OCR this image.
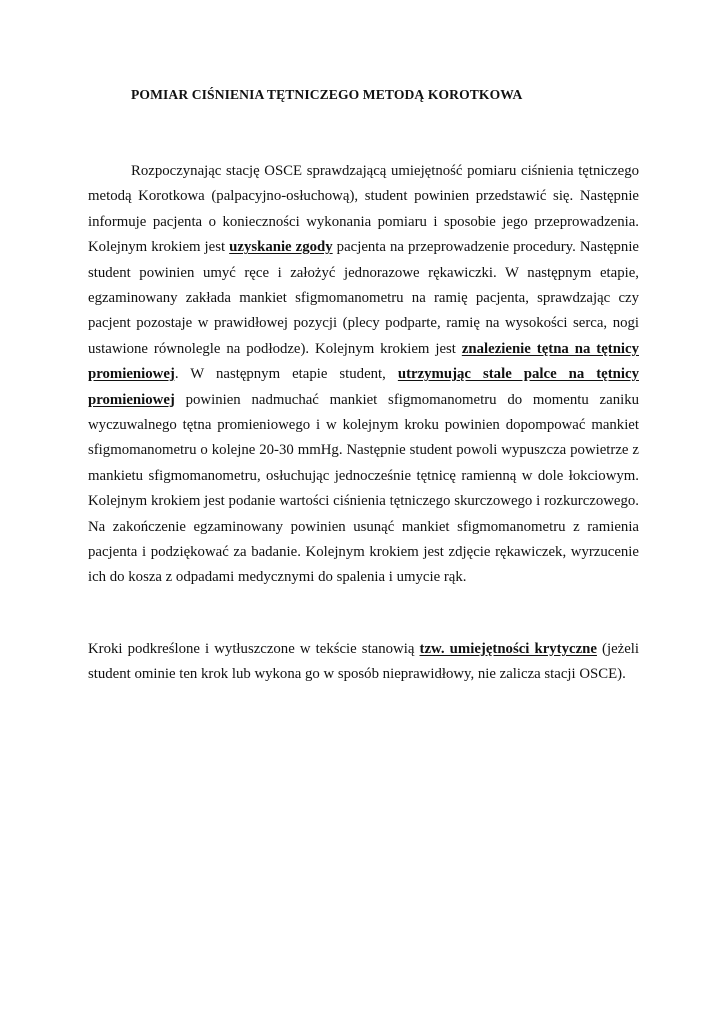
POMIAR CIŚNIENIA TĘTNICZEGO METODĄ KOROTKOWA
Rozpoczynając stację OSCE sprawdzającą umiejętność pomiaru ciśnienia tętniczego
metodą Korotkowa (palpacyjno-osłuchową), student powinien przedstawić się. Następnie
informuje pacjenta o konieczności wykonania pomiaru i sposobie jego przeprowadzenia.
Kolejnym krokiem jest uzyskanie zgody pacjenta na przeprowadzenie procedury. Następnie
student powinien umyć ręce i założyć jednorazowe rękawiczki. W następnym etapie,
egzaminowany zakłada mankiet sfigmomanometru na ramię pacjenta, sprawdzając czy
pacjent pozostaje w prawidłowej pozycji (plecy podparte, ramię na wysokości serca, nogi
ustawione równolegle na podłodze). Kolejnym krokiem jest znalezienie tętna na tętnicy
promieniowej. W następnym etapie student, utrzymując stale palce na tętnicy
promieniowej powinien nadmuchać mankiet sfigmomanometru do momentu zaniku
wyczuwalnego tętna promieniowego i w kolejnym kroku powinien dopompować mankiet
sfigmomanometru o kolejne 20-30 mmHg. Następnie student powoli wypuszcza powietrze z
mankietu sfigmomanometru, osłuchując jednocześnie tętnicę ramienną w dole łokciowym.
Kolejnym krokiem jest podanie wartości ciśnienia tętniczego skurczowego i rozkurczowego.
Na zakończenie egzaminowany powinien usunąć mankiet sfigmomanometru z ramienia
pacjenta i podziękować za badanie. Kolejnym krokiem jest zdjęcie rękawiczek, wyrzucenie
ich do kosza z odpadami medycznymi do spalenia i umycie rąk.
Kroki podkreślone i wytłuszczone w tekście stanowią tzw. umiejętności krytyczne (jeżeli
student ominie ten krok lub wykona go w sposób nieprawidłowy, nie zalicza stacji OSCE).
